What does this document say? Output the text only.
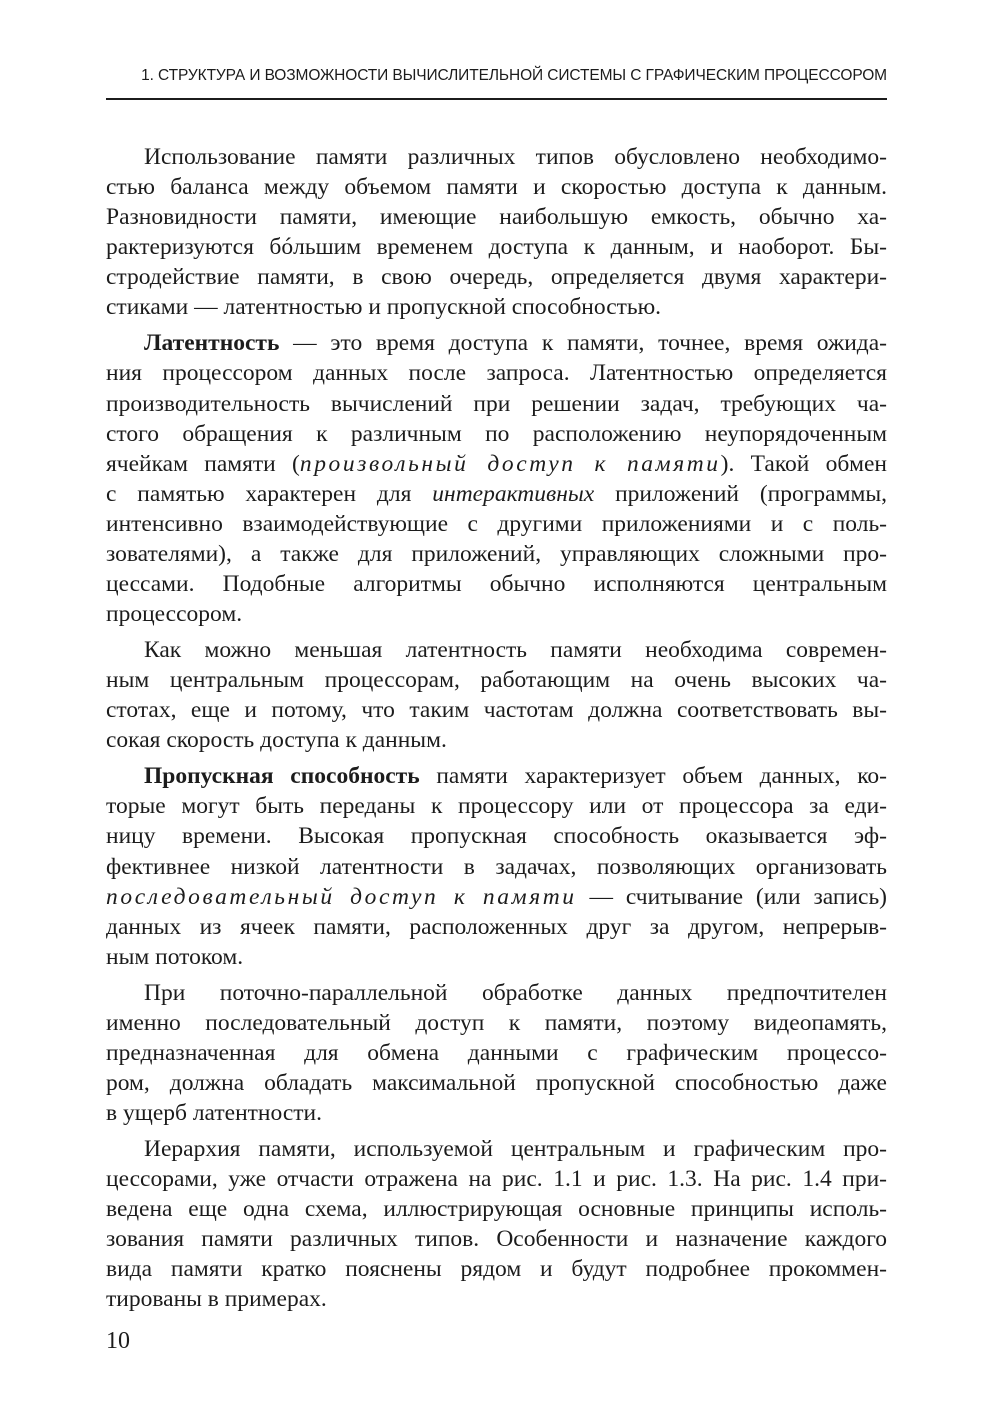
1. СТРУКТУРА И ВОЗМОЖНОСТИ ВЫЧИСЛИТЕЛЬНОЙ СИСТЕМЫ С ГРАФИЧЕСКИМ ПРОЦЕССОРОМ
Использование памяти различных типов обусловлено необходимо-
стью баланса между объемом памяти и скоростью доступа к данным.
Разновидности памяти, имеющие наибольшую емкость, обычно ха-
рактеризуются бóльшим временем доступа к данным, и наоборот. Бы-
стродействие памяти, в свою очередь, определяется двумя характери-
стиками — латентностью и пропускной способностью.
Латентность — это время доступа к памяти, точнее, время ожида-
ния процессором данных после запроса. Латентностью определяется
производительность вычислений при решении задач, требующих ча-
стого обращения к различным по расположению неупорядоченным
ячейкам памяти (произвольный доступ к памяти). Такой обмен
с памятью характерен для интерактивных приложений (программы,
интенсивно взаимодействующие с другими приложениями и с поль-
зователями), а также для приложений, управляющих сложными про-
цессами. Подобные алгоритмы обычно исполняются центральным
процессором.
Как можно меньшая латентность памяти необходима современ-
ным центральным процессорам, работающим на очень высоких ча-
стотах, еще и потому, что таким частотам должна соответствовать вы-
сокая скорость доступа к данным.
Пропускная способность памяти характеризует объем данных, ко-
торые могут быть переданы к процессору или от процессора за еди-
ницу времени. Высокая пропускная способность оказывается эф-
фективнее низкой латентности в задачах, позволяющих организовать
последовательный доступ к памяти — считывание (или запись)
данных из ячеек памяти, расположенных друг за другом, непрерыв-
ным потоком.
При поточно-параллельной обработке данных предпочтителен
именно последовательный доступ к памяти, поэтому видеопамять,
предназначенная для обмена данными с графическим процессо-
ром, должна обладать максимальной пропускной способностью даже
в ущерб латентности.
Иерархия памяти, используемой центральным и графическим про-
цессорами, уже отчасти отражена на рис. 1.1 и рис. 1.3. На рис. 1.4 при-
ведена еще одна схема, иллюстрирующая основные принципы исполь-
зования памяти различных типов. Особенности и назначение каждого
вида памяти кратко пояснены рядом и будут подробнее прокоммен-
тированы в примерах.
10
